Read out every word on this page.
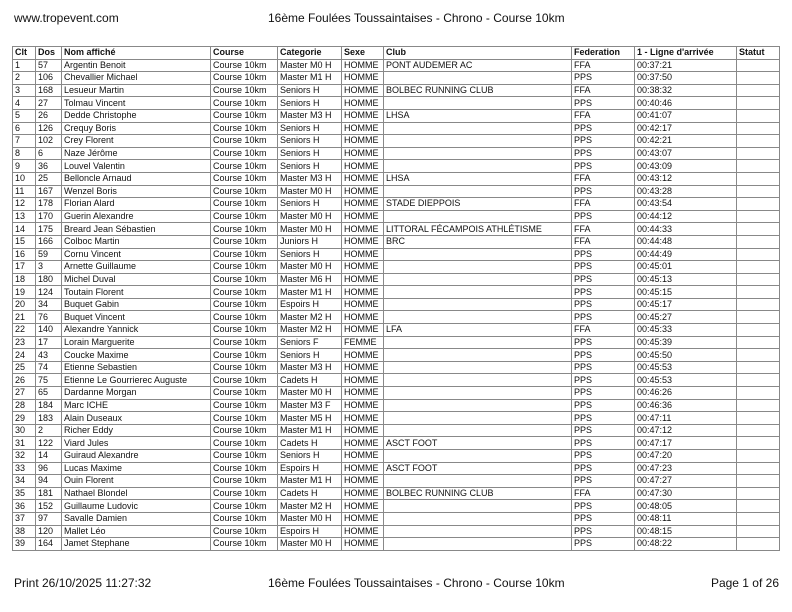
www.tropevent.com	16ème Foulées Toussaintaises - Chrono - Course 10km
Clt	Dos	Nom affiché	Course	Categorie	Sexe	Club	Federation	1 - Ligne d'arrivée	Statut
1	57	Argentin Benoit	Course 10km	Master M0 H	HOMME	PONT AUDEMER AC	FFA	00:37:21	
2	106	Chevallier Michael	Course 10km	Master M1 H	HOMME		PPS	00:37:50	
3	168	Lesueur Martin	Course 10km	Seniors H	HOMME	BOLBEC RUNNING CLUB	FFA	00:38:32	
4	27	Tolmau Vincent	Course 10km	Seniors H	HOMME		PPS	00:40:46	
5	26	Dedde Christophe	Course 10km	Master M3 H	HOMME	LHSA	FFA	00:41:07	
6	126	Crequy Boris	Course 10km	Seniors H	HOMME		PPS	00:42:17	
7	102	Crey Florent	Course 10km	Seniors H	HOMME		PPS	00:42:21	
8	6	Naze Jérôme	Course 10km	Seniors H	HOMME		PPS	00:43:07	
9	36	Louvel Valentin	Course 10km	Seniors H	HOMME		PPS	00:43:09	
10	25	Belloncle Arnaud	Course 10km	Master M3 H	HOMME	LHSA	FFA	00:43:12	
11	167	Wenzel Boris	Course 10km	Master M0 H	HOMME		PPS	00:43:28	
12	178	Florian Alard	Course 10km	Seniors H	HOMME	STADE DIEPPOIS	FFA	00:43:54	
13	170	Guerin Alexandre	Course 10km	Master M0 H	HOMME		PPS	00:44:12	
14	175	Breard Jean Sébastien	Course 10km	Master M0 H	HOMME	LITTORAL FÉCAMPOIS ATHLÉTISME	FFA	00:44:33	
15	166	Colboc Martin	Course 10km	Juniors H	HOMME	BRC	FFA	00:44:48	
16	59	Cornu Vincent	Course 10km	Seniors H	HOMME		PPS	00:44:49	
17	3	Arnette Guillaume	Course 10km	Master M0 H	HOMME		PPS	00:45:01	
18	180	Michel Duval	Course 10km	Master M6 H	HOMME		PPS	00:45:13	
19	124	Toutain Florent	Course 10km	Master M1 H	HOMME		PPS	00:45:15	
20	34	Buquet Gabin	Course 10km	Espoirs H	HOMME		PPS	00:45:17	
21	76	Buquet Vincent	Course 10km	Master M2 H	HOMME		PPS	00:45:27	
22	140	Alexandre Yannick	Course 10km	Master M2 H	HOMME	LFA	FFA	00:45:33	
23	17	Lorain Marguerite	Course 10km	Seniors F	FEMME		PPS	00:45:39	
24	43	Coucke Maxime	Course 10km	Seniors H	HOMME		PPS	00:45:50	
25	74	Etienne Sebastien	Course 10km	Master M3 H	HOMME		PPS	00:45:53	
26	75	Etienne Le Gourrierec Auguste	Course 10km	Cadets H	HOMME		PPS	00:45:53	
27	65	Dardanne Morgan	Course 10km	Master M0 H	HOMME		PPS	00:46:26	
28	184	Marc ICHE	Course 10km	Master M3 F	HOMME		PPS	00:46:36	
29	183	Alain Duseaux	Course 10km	Master M5 H	HOMME		PPS	00:47:11	
30	2	Richer Eddy	Course 10km	Master M1 H	HOMME		PPS	00:47:12	
31	122	Viard Jules	Course 10km	Cadets H	HOMME	ASCT FOOT	PPS	00:47:17	
32	14	Guiraud Alexandre	Course 10km	Seniors H	HOMME		PPS	00:47:20	
33	96	Lucas Maxime	Course 10km	Espoirs H	HOMME	ASCT FOOT	PPS	00:47:23	
34	94	Ouin Florent	Course 10km	Master M1 H	HOMME		PPS	00:47:27	
35	181	Nathael Blondel	Course 10km	Cadets H	HOMME	BOLBEC RUNNING CLUB	FFA	00:47:30	
36	152	Guillaume Ludovic	Course 10km	Master M2 H	HOMME		PPS	00:48:05	
37	97	Savalle Damien	Course 10km	Master M0 H	HOMME		PPS	00:48:11	
38	120	Mallet Léo	Course 10km	Espoirs H	HOMME		PPS	00:48:15	
39	164	Jamet Stephane	Course 10km	Master M0 H	HOMME		PPS	00:48:22	
Print 26/10/2025 11:27:32	16ème Foulées Toussaintaises - Chrono - Course 10km	Page 1 of 26
